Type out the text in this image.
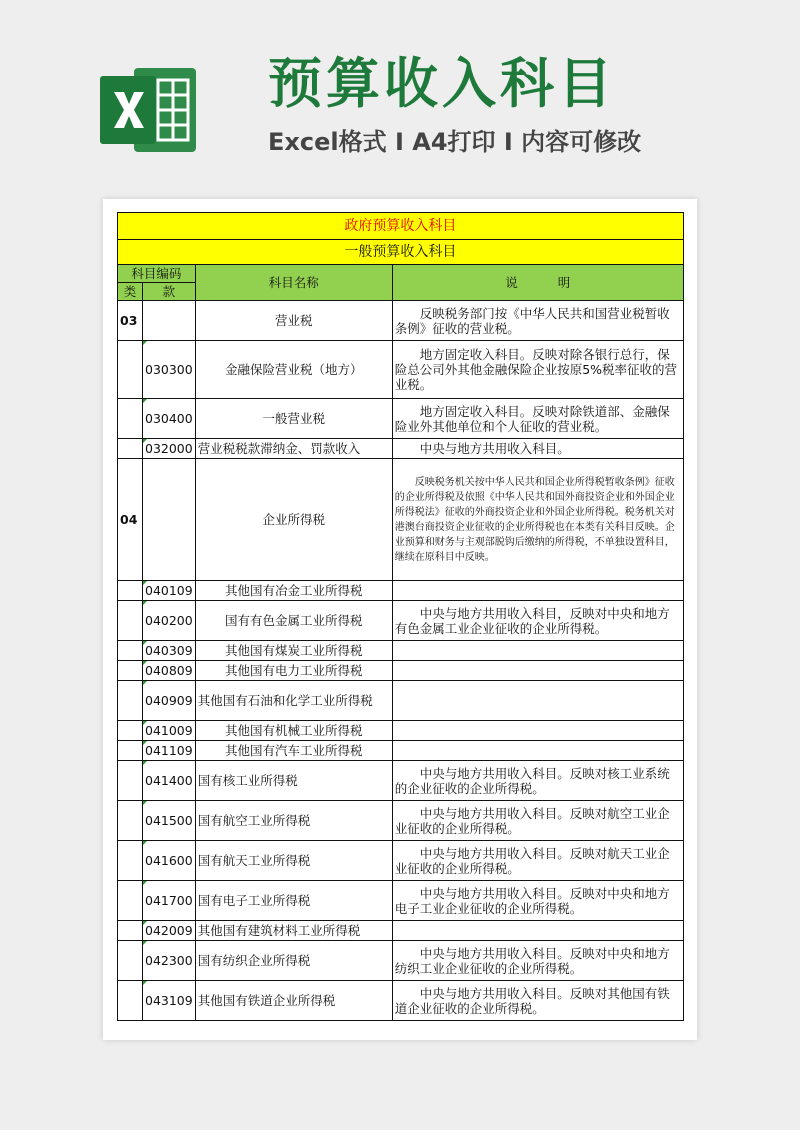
预算收入科目
Excel格式 I A4打印 I 内容可修改
政府预算收入科目			
一般预算收入科目			
科目编码		科目名称	说 明
类	款		
03		营业税	反映税务部门按《中华人民共和国营业税暂收条例》征收的营业税。
	030300	金融保险营业税（地方）	地方固定收入科目。反映对除各银行总行，保险总公司外其他金融保险企业按原5%税率征收的营业税。
	030400	一般营业税	地方固定收入科目。反映对除铁道部、金融保险业外其他单位和个人征收的营业税。
	032000	营业税税款滞纳金、罚款收入	中央与地方共用收入科目。
04		企业所得税	反映税务机关按中华人民共和国企业所得税暂收条例》征收的企业所得税及依照《中华人民共和国外商投资企业和外国企业所得税法》征收的外商投资企业和外国企业所得税。税务机关对港澳台商投资企业征收的企业所得税也在本类有关科目反映。企业预算和财务与主观部脱钩后缴纳的所得税，不单独设置科目，继续在原科目中反映。
	040109	其他国有冶金工业所得税	
	040200	国有有色金属工业所得税	中央与地方共用收入科目，反映对中央和地方有色金属工业企业征收的企业所得税。
	040309	其他国有煤炭工业所得税	
	040809	其他国有电力工业所得税	
	040909	其他国有石油和化学工业所得税	
	041009	其他国有机械工业所得税	
	041109	其他国有汽车工业所得税	
	041400	国有核工业所得税	中央与地方共用收入科目。反映对核工业系统的企业征收的企业所得税。
	041500	国有航空工业所得税	中央与地方共用收入科目。反映对航空工业企业征收的企业所得税。
	041600	国有航天工业所得税	中央与地方共用收入科目。反映对航天工业企业征收的企业所得税。
	041700	国有电子工业所得税	中央与地方共用收入科目。反映对中央和地方电子工业企业征收的企业所得税。
	042009	其他国有建筑材料工业所得税	
	042300	国有纺织企业所得税	中央与地方共用收入科目。反映对中央和地方纺织工业企业征收的企业所得税。
	043109	其他国有铁道企业所得税	中央与地方共用收入科目。反映对其他国有铁道企业征收的企业所得税。
